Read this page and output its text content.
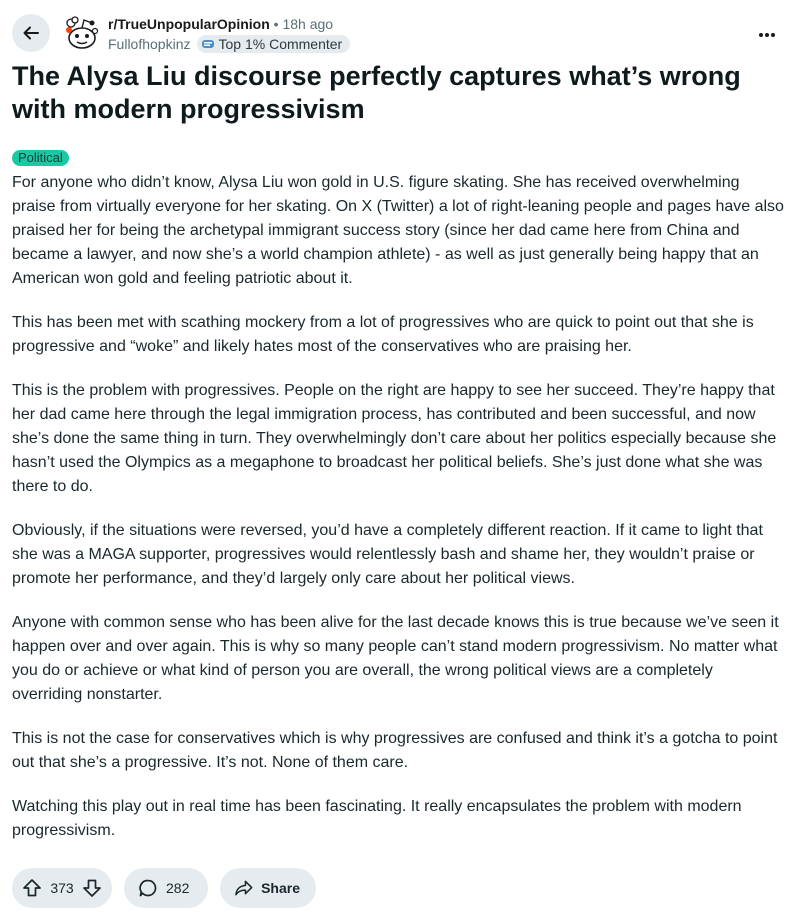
r/TrueUnpopularOpinion • 18h ago
Fullofhopkinz Top 1% Commenter
The Alysa Liu discourse perfectly captures what’s wrong with modern progressivism
Political

For anyone who didn’t know, Alysa Liu won gold in U.S. figure skating. She has received overwhelming praise from virtually everyone for her skating. On X (Twitter) a lot of right-leaning people and pages have also praised her for being the archetypal immigrant success story (since her dad came here from China and became a lawyer, and now she’s a world champion athlete) - as well as just generally being happy that an American won gold and feeling patriotic about it.

This has been met with scathing mockery from a lot of progressives who are quick to point out that she is progressive and “woke” and likely hates most of the conservatives who are praising her.

This is the problem with progressives. People on the right are happy to see her succeed. They’re happy that her dad came here through the legal immigration process, has contributed and been successful, and now she’s done the same thing in turn. They overwhelmingly don’t care about her politics especially because she hasn’t used the Olympics as a megaphone to broadcast her political beliefs. She’s just done what she was there to do.

Obviously, if the situations were reversed, you’d have a completely different reaction. If it came to light that she was a MAGA supporter, progressives would relentlessly bash and shame her, they wouldn’t praise or promote her performance, and they’d largely only care about her political views.

Anyone with common sense who has been alive for the last decade knows this is true because we’ve seen it happen over and over again. This is why so many people can’t stand modern progressivism. No matter what you do or achieve or what kind of person you are overall, the wrong political views are a completely overriding nonstarter.

This is not the case for conservatives which is why progressives are confused and think it’s a gotcha to point out that she’s a progressive. It’s not. None of them care.

Watching this play out in real time has been fascinating. It really encapsulates the problem with modern progressivism.

373	282	Share
